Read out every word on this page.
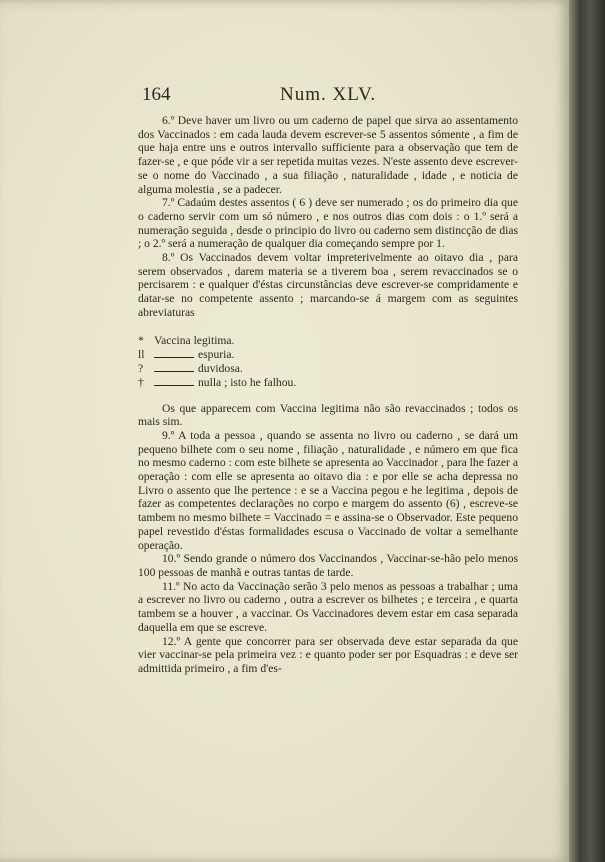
164	Num. XLV.

6.º Deve haver um livro ou um caderno de papel que sirva ao assentamento dos Vaccinados : em cada lauda devem escrever-se 5 assentos sómente , a fim de que haja entre uns e outros intervallo sufficiente para a observação que tem de fazer-se , e que póde vir a ser repetida muitas vezes. N'este assento deve escrever-se o nome do Vaccinado , a sua filiação , naturalidade , idade , e noticia de alguma molestia , se a padecer.

7.º Cadaúm destes assentos ( 6 ) deve ser numerado ; os do primeiro dia que o caderno servir com um só número , e nos outros dias com dois : o 1.º será a numeração seguida , desde o principio do livro ou caderno sem distincção de dias ; o 2.º será a numeração de qualquer dia começando sempre por 1.

8.º Os Vaccinados devem voltar impreterivelmente ao oitavo dia , para serem observados , darem materia se a tiverem boa , serem revaccinados se o percisarem : e qualquer d'éstas circunstâncias deve escrever-se compridamente e datar-se no competente assento ; marcando-se á margem com as seguintes abreviaturas

* Vaccina legitima.
ll	espuria.
?	duvidosa.
†	nulla ; isto he falhou.

Os que apparecem com Vaccina legitima não são revaccinados ; todos os mais sim.

9.º A toda a pessoa , quando se assenta no livro ou caderno , se dará um pequeno bilhete com o seu nome , filiação , naturalidade , e número em que fica no mesmo caderno : com este bilhete se apresenta ao Vaccinador , para lhe fazer a operação : com elle se apresenta ao oitavo dia : e por elle se acha depressa no Livro o assento que lhe pertence : e se a Vaccina pegou e he legitima , depois de fazer as competentes declarações no corpo e margem do assento (6) , escreve-se tambem no mesmo bilhete = Vaccinado = e assina-se o Observador. Este pequeno papel revestido d'éstas formalidades escusa o Vaccinado de voltar a semelhante operação.

10.º Sendo grande o número dos Vaccinandos , Vaccinar-se-hão pelo menos 100 pessoas de manhã e outras tantas de tarde.

11.º No acto da Vaccinação serão 3 pelo menos as pessoas a trabalhar ; uma a escrever no livro ou caderno , outra a escrever os bilhetes ; e terceira , e quarta tambem se a houver , a vaccinar. Os Vaccinadores devem estar em casa separada daquella em que se escreve.

12.º A gente que concorrer para ser observada deve estar separada da que vier vaccinar-se pela primeira vez : e quanto poder ser por Esquadras : e deve ser admittida primeiro , a fim d'es-
